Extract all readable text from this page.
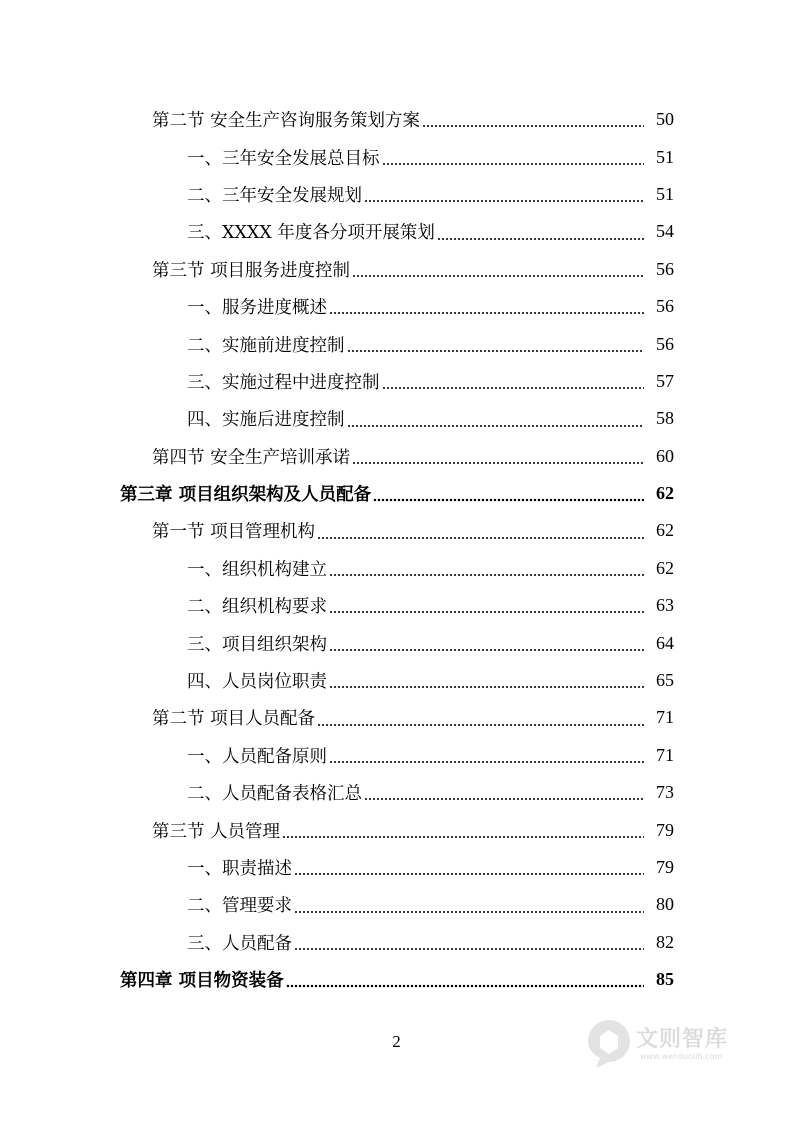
第二节 安全生产咨询服务策划方案	50
一、三年安全发展总目标	51
二、三年安全发展规划	51
三、XXXX 年度各分项开展策划	54
第三节 项目服务进度控制	56
一、服务进度概述	56
二、实施前进度控制	56
三、实施过程中进度控制	57
四、实施后进度控制	58
第四节 安全生产培训承诺	60
第三章 项目组织架构及人员配备	62
第一节 项目管理机构	62
一、组织机构建立	62
二、组织机构要求	63
三、项目组织架构	64
四、人员岗位职责	65
第二节 项目人员配备	71
一、人员配备原则	71
二、人员配备表格汇总	73
第三节 人员管理	79
一、职责描述	79
二、管理要求	80
三、人员配备	82
第四章 项目物资装备	85
2	文则智库
www.wenduolib.com
